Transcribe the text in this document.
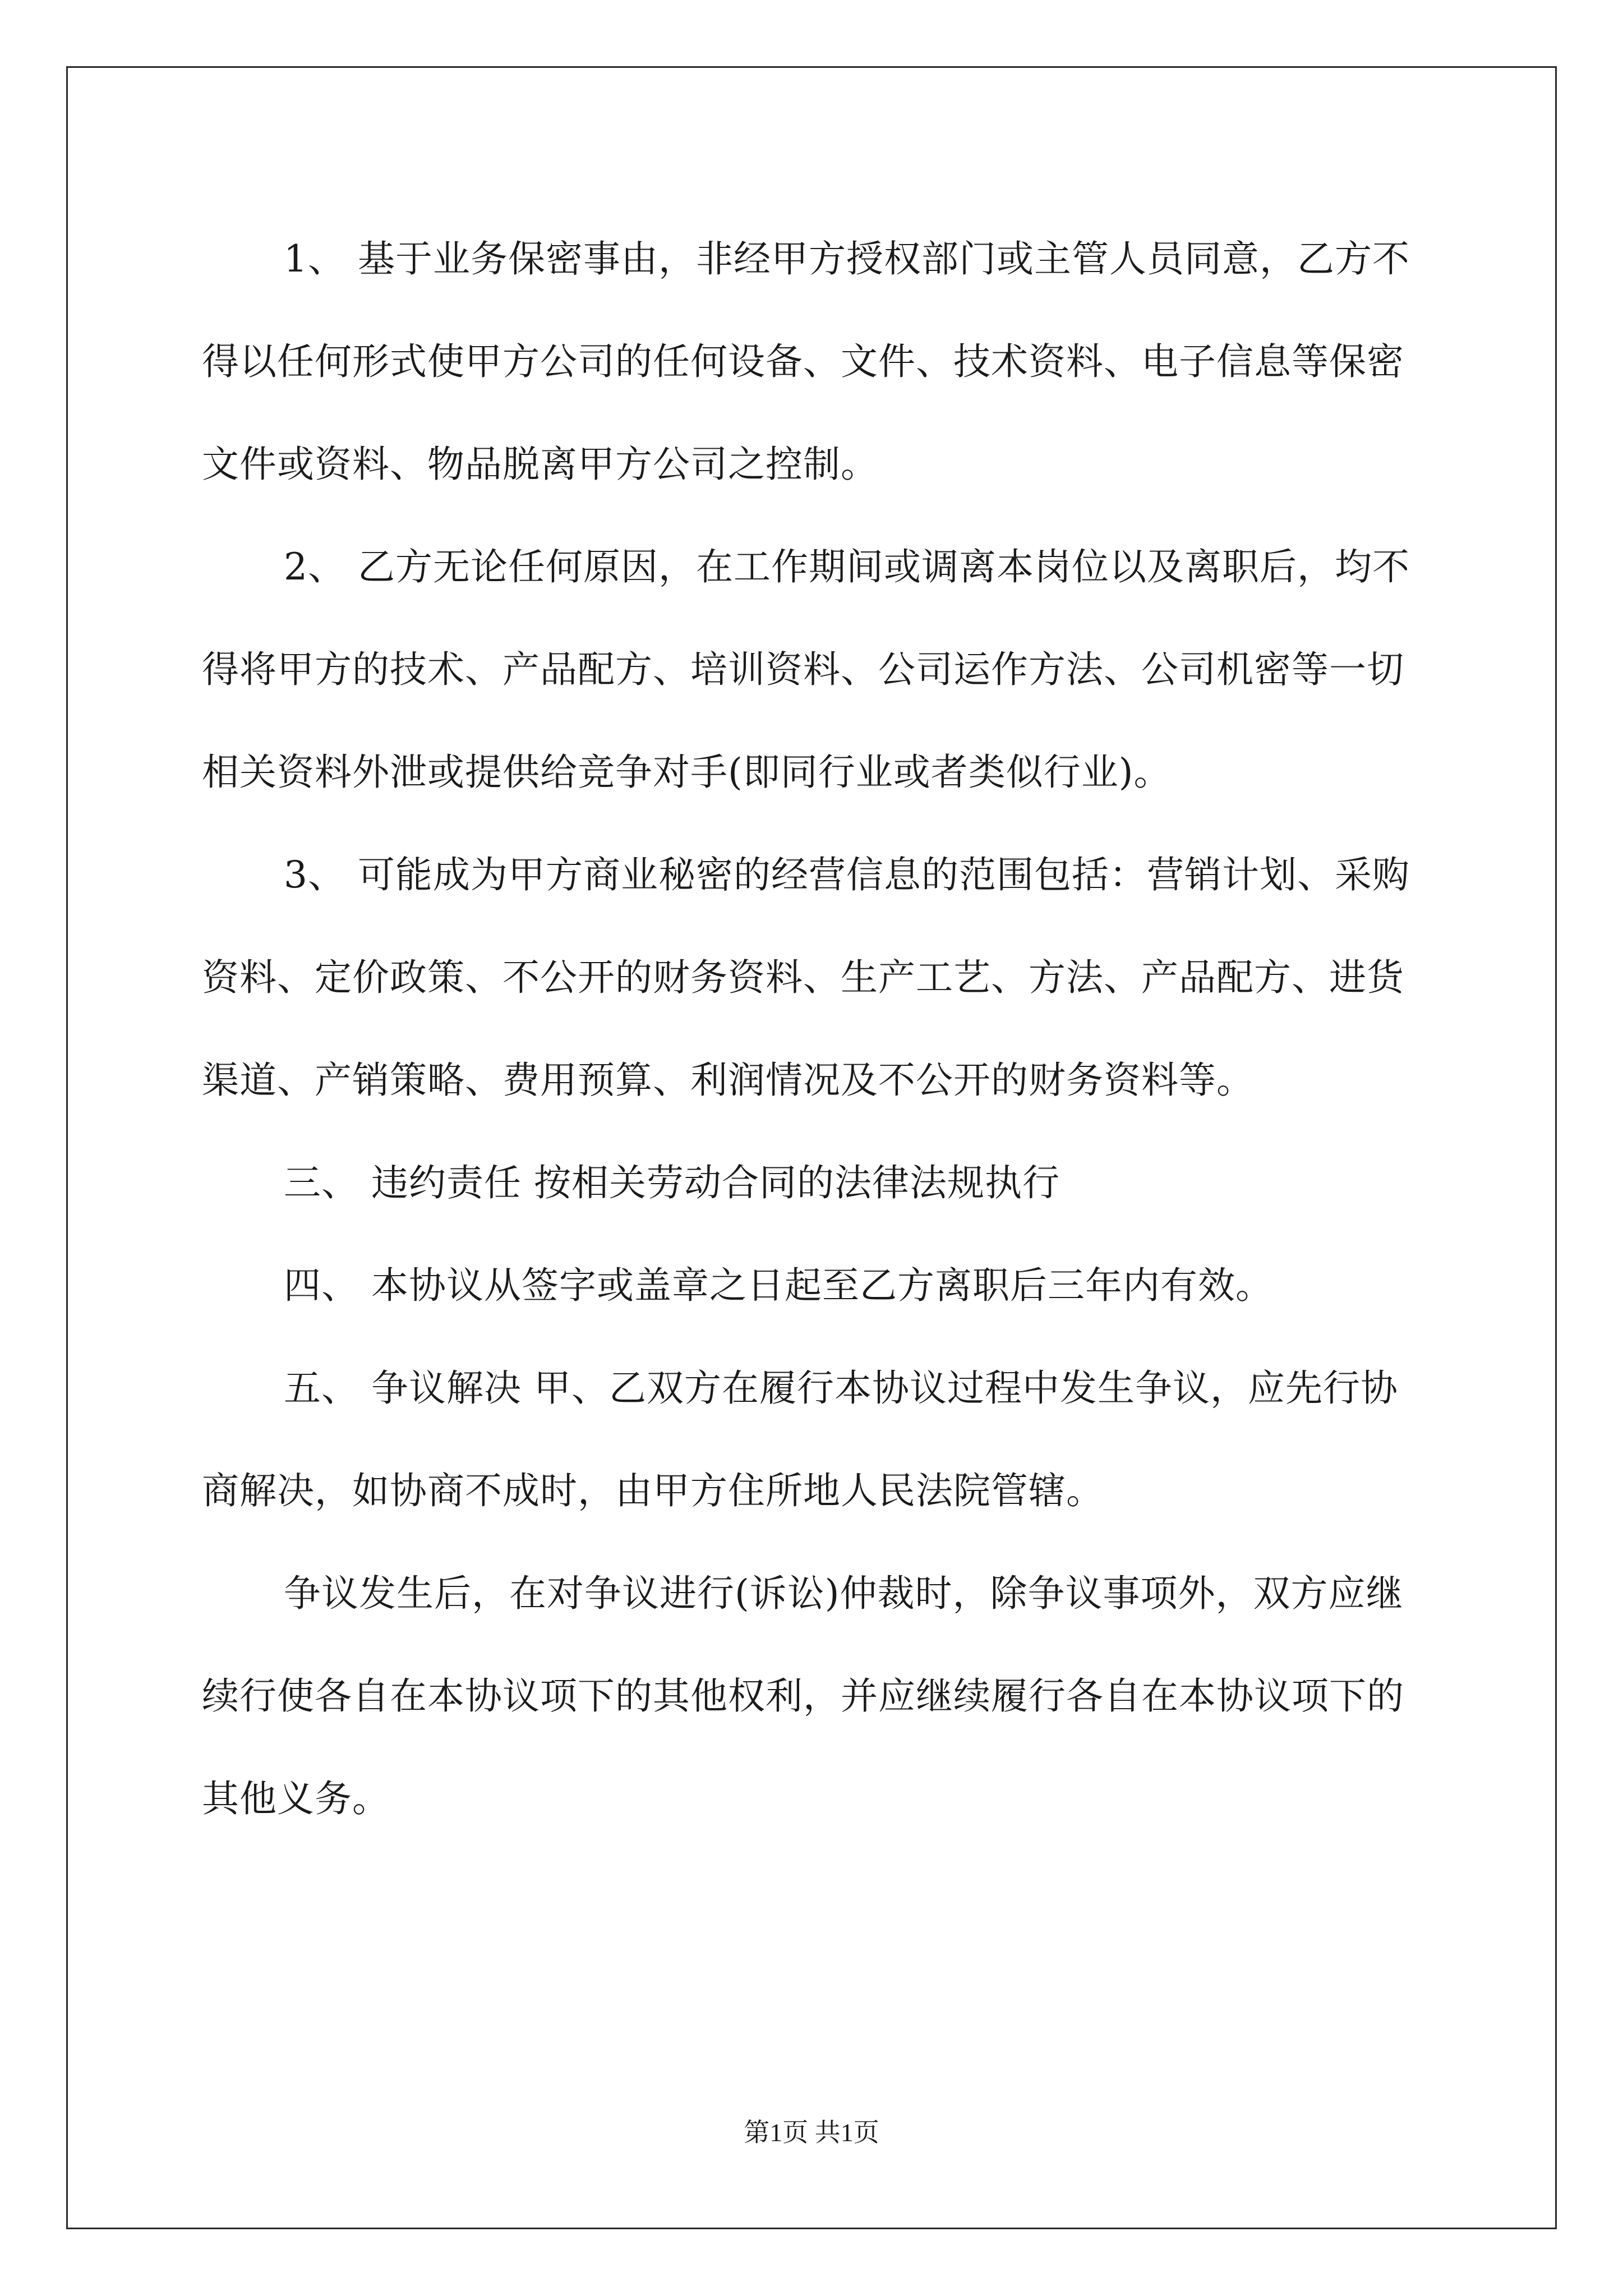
1、 基于业务保密事由，非经甲方授权部门或主管人员同意，乙方不得以任何形式使甲方公司的任何设备、文件、技术资料、电子信息等保密文件或资料、物品脱离甲方公司之控制。

2、 乙方无论任何原因，在工作期间或调离本岗位以及离职后，均不得将甲方的技术、产品配方、培训资料、公司运作方法、公司机密等一切相关资料外泄或提供给竞争对手(即同行业或者类似行业)。

3、 可能成为甲方商业秘密的经营信息的范围包括：营销计划、采购资料、定价政策、不公开的财务资料、生产工艺、方法、产品配方、进货渠道、产销策略、费用预算、利润情况及不公开的财务资料等。

三、 违约责任 按相关劳动合同的法律法规执行

四、 本协议从签字或盖章之日起至乙方离职后三年内有效。

五、 争议解决 甲、乙双方在履行本协议过程中发生争议，应先行协商解决，如协商不成时，由甲方住所地人民法院管辖。

争议发生后，在对争议进行(诉讼)仲裁时，除争议事项外，双方应继续行使各自在本协议项下的其他权利，并应继续履行各自在本协议项下的其他义务。

第1页 共1页
